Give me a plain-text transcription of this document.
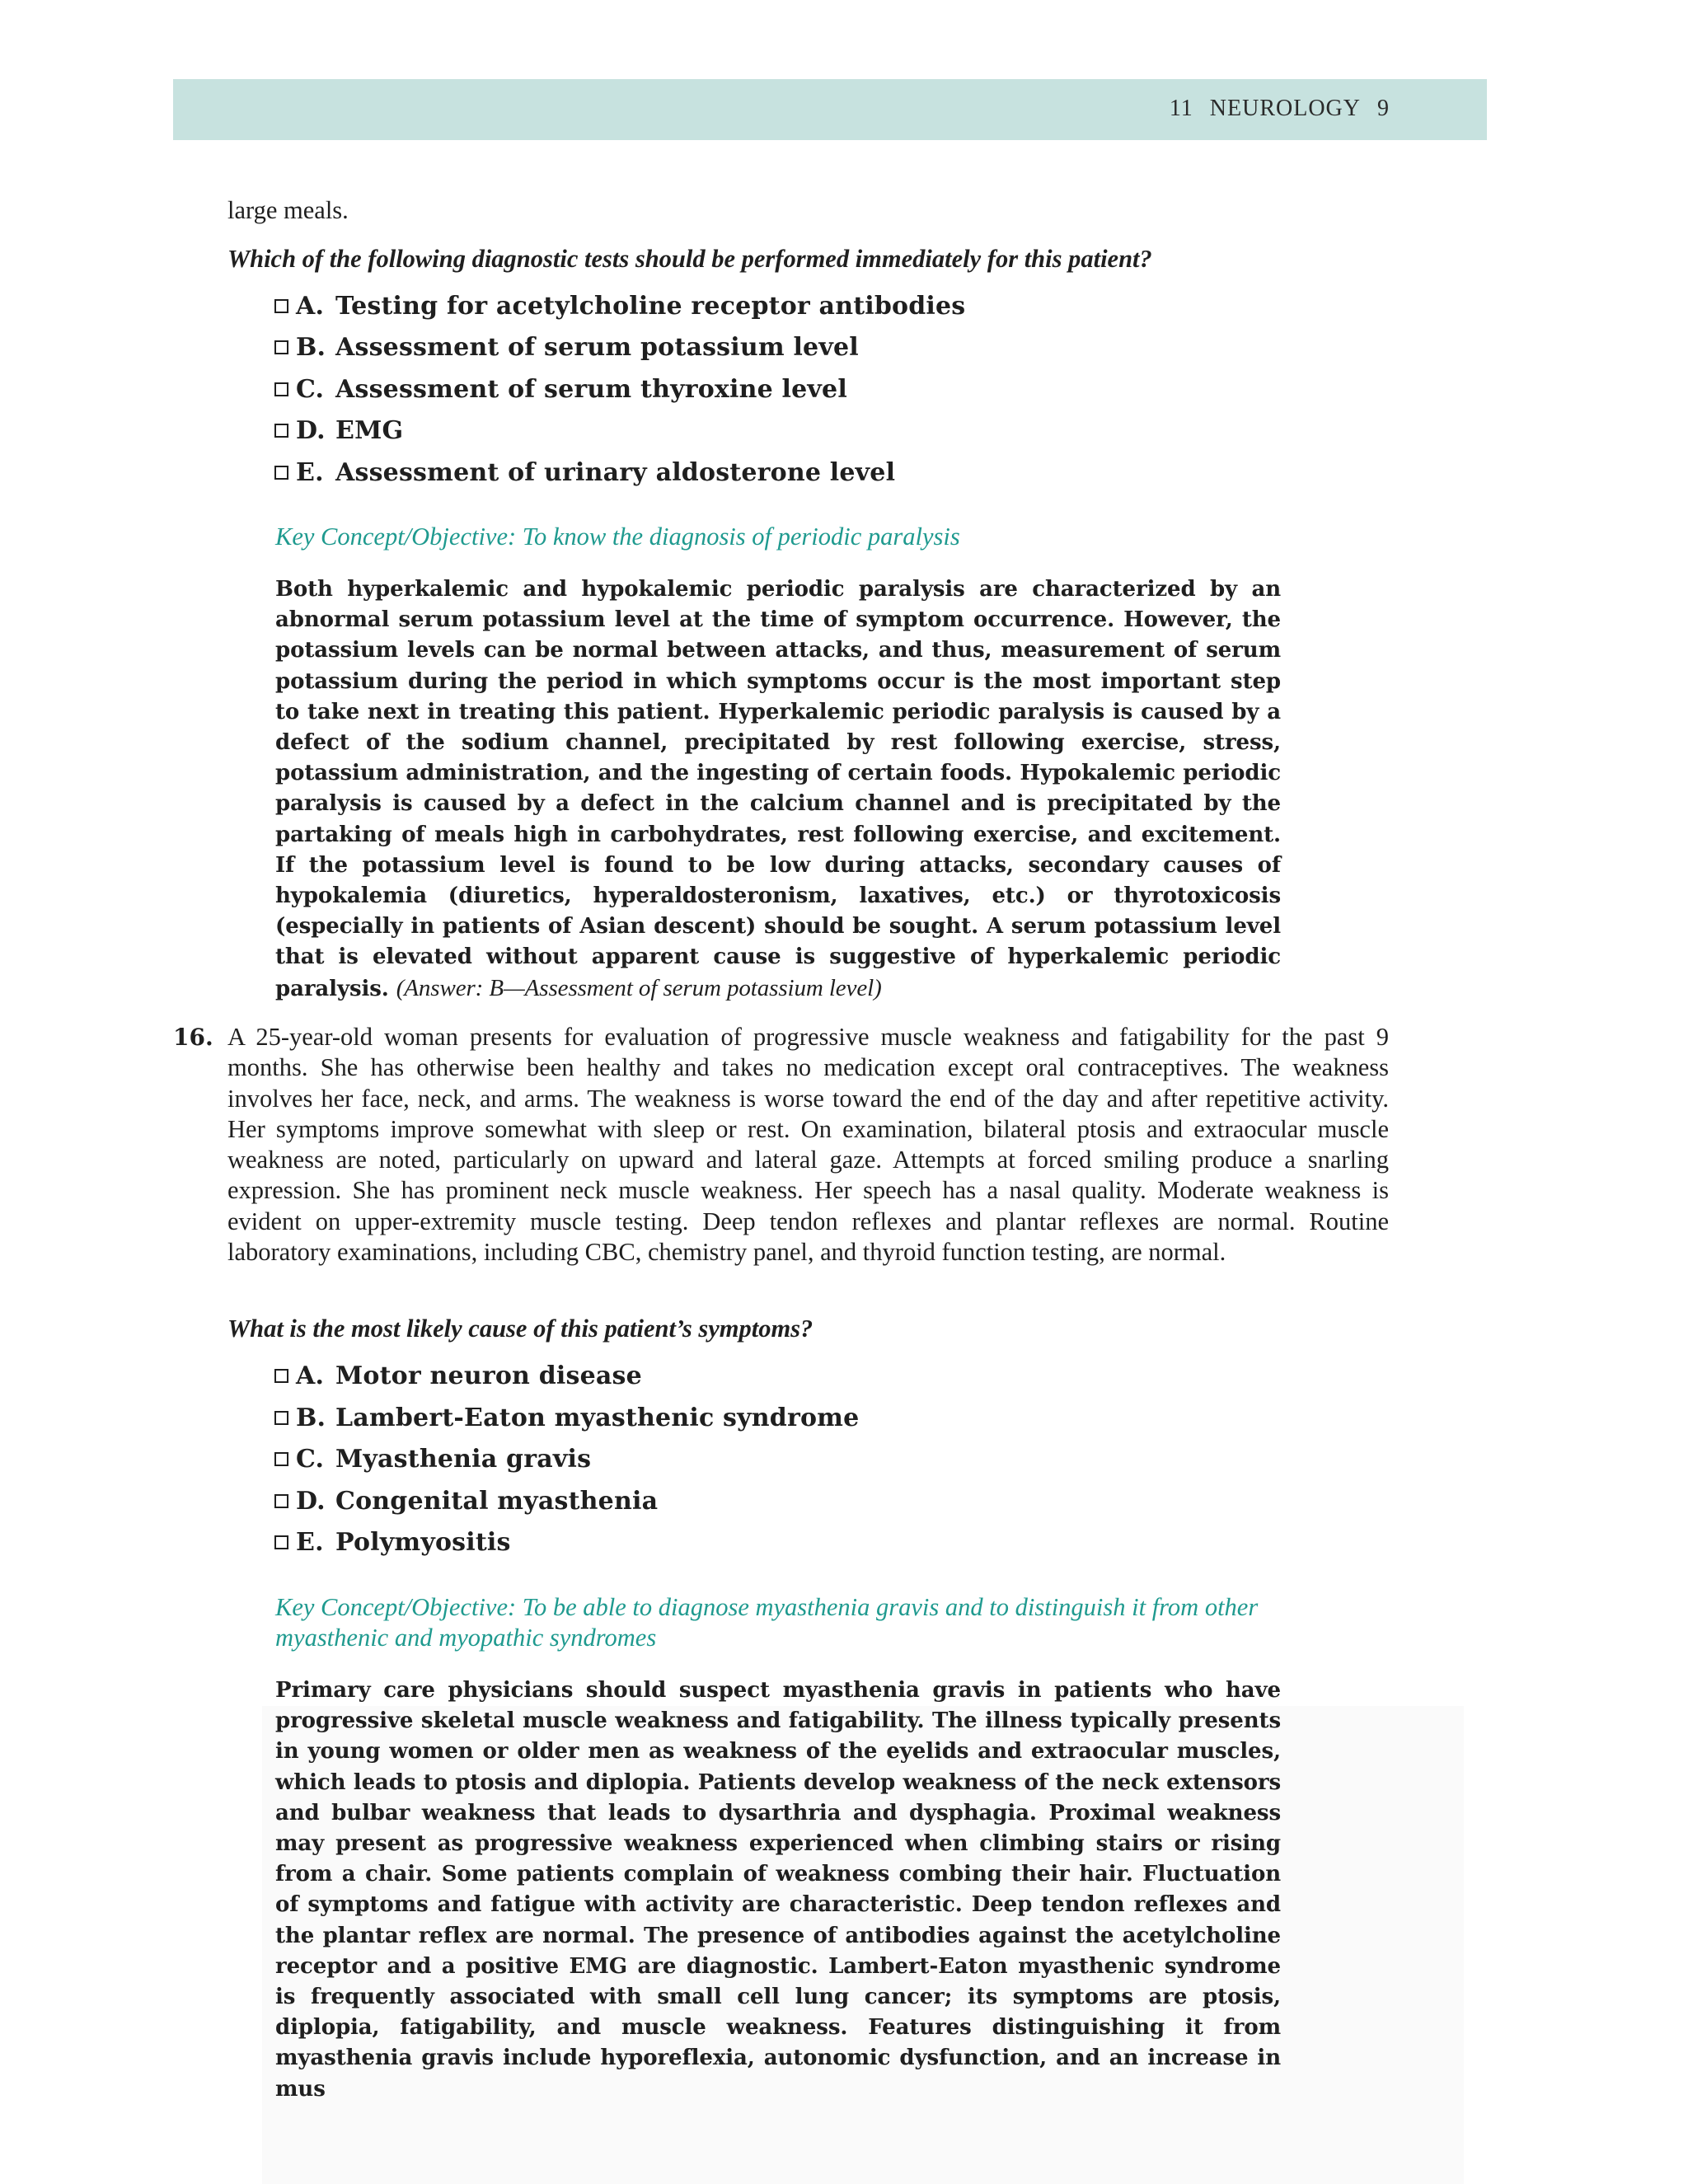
11 NEUROLOGY 9
large meals.
Which of the following diagnostic tests should be performed immediately for this patient?
A. Testing for acetylcholine receptor antibodies
B. Assessment of serum potassium level
C. Assessment of serum thyroxine level
D. EMG
E. Assessment of urinary aldosterone level
Key Concept/Objective: To know the diagnosis of periodic paralysis
Both hyperkalemic and hypokalemic periodic paralysis are characterized by an abnormal serum potassium level at the time of symptom occurrence. However, the potassium levels can be normal between attacks, and thus, measurement of serum potassium during the period in which symptoms occur is the most important step to take next in treating this patient. Hyperkalemic periodic paralysis is caused by a defect of the sodium channel, precipitated by rest following exercise, stress, potassium administration, and the ingesting of certain foods. Hypokalemic periodic paralysis is caused by a defect in the calcium channel and is precipitated by the partaking of meals high in carbohydrates, rest following exercise, and excitement. If the potassium level is found to be low during attacks, secondary causes of hypokalemia (diuretics, hyperaldosteronism, laxatives, etc.) or thyrotoxicosis (especially in patients of Asian descent) should be sought. A serum potassium level that is elevated without apparent cause is suggestive of hyperkalemic periodic paralysis. (Answer: B—Assessment of serum potassium level)
16. A 25-year-old woman presents for evaluation of progressive muscle weakness and fatigability for the past 9 months. She has otherwise been healthy and takes no medication except oral contraceptives. The weakness involves her face, neck, and arms. The weakness is worse toward the end of the day and after repetitive activity. Her symptoms improve somewhat with sleep or rest. On examination, bilateral ptosis and extraocular muscle weakness are noted, particularly on upward and lateral gaze. Attempts at forced smiling produce a snarling expression. She has prominent neck muscle weakness. Her speech has a nasal quality. Moderate weakness is evident on upper-extremity muscle testing. Deep tendon reflexes and plantar reflexes are normal. Routine laboratory examinations, including CBC, chemistry panel, and thyroid function testing, are normal.
What is the most likely cause of this patient’s symptoms?
A. Motor neuron disease
B. Lambert-Eaton myasthenic syndrome
C. Myasthenia gravis
D. Congenital myasthenia
E. Polymyositis
Key Concept/Objective: To be able to diagnose myasthenia gravis and to distinguish it from other myasthenic and myopathic syndromes
Primary care physicians should suspect myasthenia gravis in patients who have progressive skeletal muscle weakness and fatigability. The illness typically presents in young women or older men as weakness of the eyelids and extraocular muscles, which leads to ptosis and diplopia. Patients develop weakness of the neck extensors and bulbar weakness that leads to dysarthria and dysphagia. Proximal weakness may present as progressive weakness experienced when climbing stairs or rising from a chair. Some patients complain of weakness combing their hair. Fluctuation of symptoms and fatigue with activity are characteristic. Deep tendon reflexes and the plantar reflex are normal. The presence of antibodies against the acetylcholine receptor and a positive EMG are diagnostic. Lambert-Eaton myasthenic syndrome is frequently associated with small cell lung cancer; its symptoms are ptosis, diplopia, fatigability, and muscle weakness. Features distinguishing it from myasthenia gravis include hyporeflexia, autonomic dysfunction, and an increase in mus
